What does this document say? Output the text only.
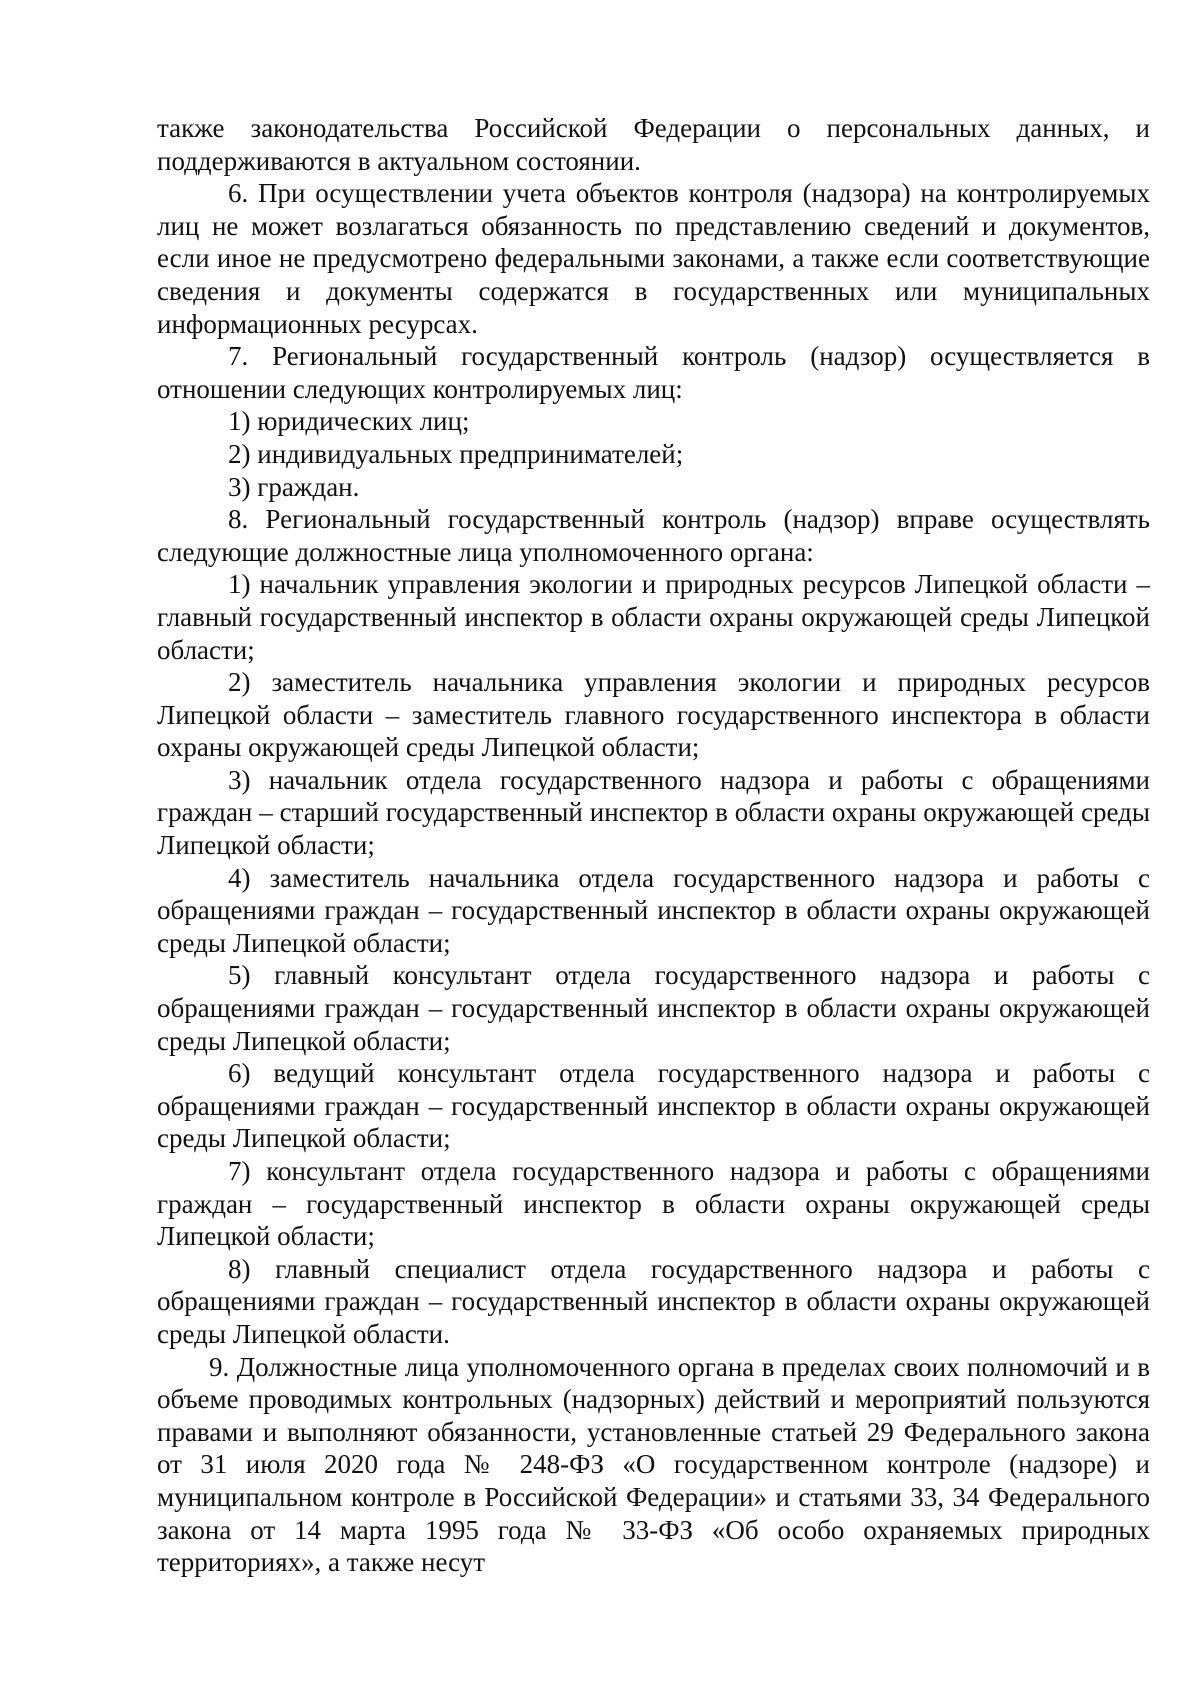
также законодательства Российской Федерации о персональных данных, и поддерживаются в актуальном состоянии.

6. При осуществлении учета объектов контроля (надзора) на контролируемых лиц не может возлагаться обязанность по представлению сведений и документов, если иное не предусмотрено федеральными законами, а также если соответствующие сведения и документы содержатся в государственных или муниципальных информационных ресурсах.

7. Региональный государственный контроль (надзор) осуществляется в отношении следующих контролируемых лиц:

1) юридических лиц;

2) индивидуальных предпринимателей;

3) граждан.

8. Региональный государственный контроль (надзор) вправе осуществлять следующие должностные лица уполномоченного органа:

1) начальник управления экологии и природных ресурсов Липецкой области – главный государственный инспектор в области охраны окружающей среды Липецкой области;

2) заместитель начальника управления экологии и природных ресурсов Липецкой области – заместитель главного государственного инспектора в области охраны окружающей среды Липецкой области;

3) начальник отдела государственного надзора и работы с обращениями граждан – старший государственный инспектор в области охраны окружающей среды Липецкой области;

4) заместитель начальника отдела государственного надзора и работы с обращениями граждан – государственный инспектор в области охраны окружающей среды Липецкой области;

5) главный консультант отдела государственного надзора и работы с обращениями граждан – государственный инспектор в области охраны окружающей среды Липецкой области;

6) ведущий консультант отдела государственного надзора и работы с обращениями граждан – государственный инспектор в области охраны окружающей среды Липецкой области;

7) консультант отдела государственного надзора и работы с обращениями граждан – государственный инспектор в области охраны окружающей среды Липецкой области;

8) главный специалист отдела государственного надзора и работы с обращениями граждан – государственный инспектор в области охраны окружающей среды Липецкой области.

9. Должностные лица уполномоченного органа в пределах своих полномочий и в объеме проводимых контрольных (надзорных) действий и мероприятий пользуются правами и выполняют обязанности, установленные статьей 29 Федерального закона от 31 июля 2020 года № 248-ФЗ «О государственном контроле (надзоре) и муниципальном контроле в Российской Федерации» и статьями 33, 34 Федерального закона от 14 марта 1995 года № 33-ФЗ «Об особо охраняемых природных территориях», а также несут
